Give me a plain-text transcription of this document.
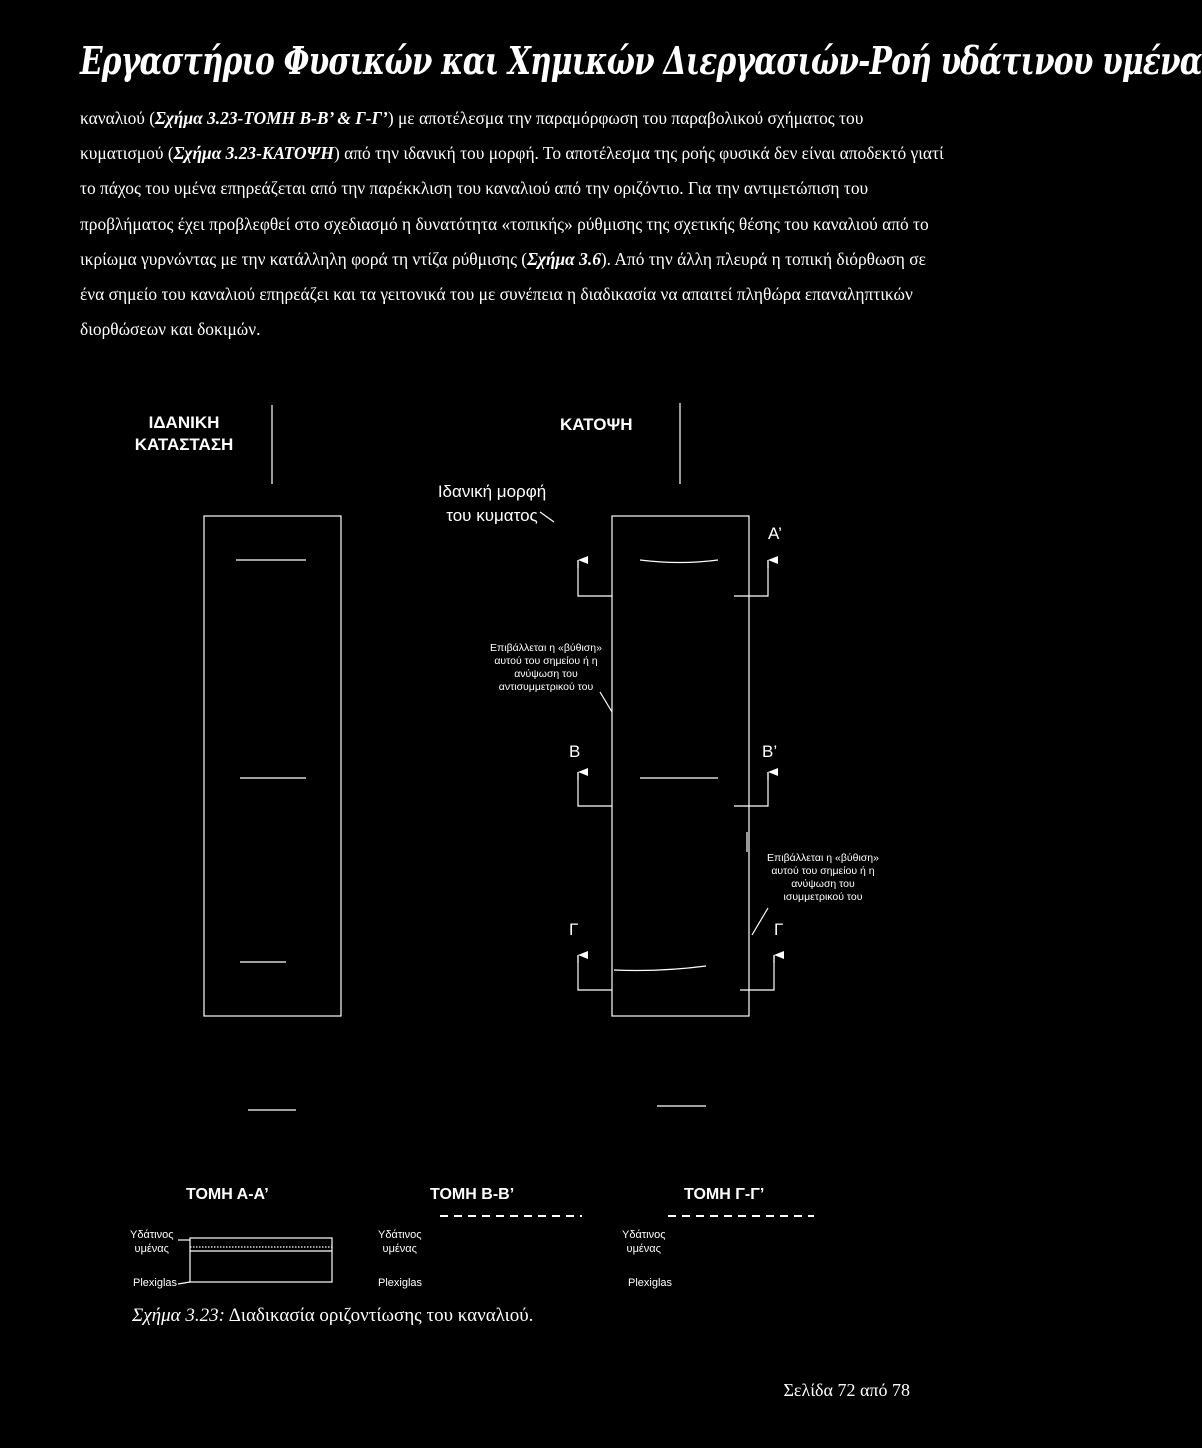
Εργαστήριο Φυσικών και Χημικών Διεργασιών-Ροή υδάτινου υμένα

καναλιού (Σχήμα 3.23-ΤΟΜΗ Β-Β’ & Γ-Γ’) με αποτέλεσμα την παραμόρφωση του παραβολικού σχήματος του κυματισμού (Σχήμα 3.23-ΚΑΤΟΨΗ) από την ιδανική του μορφή. Το αποτέλεσμα της ροής φυσικά δεν είναι αποδεκτό γιατί το πάχος του υμένα επηρεάζεται από την παρέκκλιση του καναλιού από την οριζόντιο. Για την αντιμετώπιση του προβλήματος έχει προβλεφθεί στο σχεδιασμό η δυνατότητα «τοπικής» ρύθμισης της σχετικής θέσης του καναλιού από το ικρίωμα γυρνώντας με την κατάλληλη φορά τη ντίζα ρύθμισης (Σχήμα 3.6). Από την άλλη πλευρά η τοπική διόρθωση σε ένα σημείο του καναλιού επηρεάζει και τα γειτονικά του με συνέπεια η διαδικασία να απαιτεί πληθώρα επαναληπτικών διορθώσεων και δοκιμών.

ΙΔΑΝΙΚΗ
ΚΑΤΑΣΤΑΣΗ
ΚΑΤΟΨΗ
Ιδανική μορφή
του κυματος
Α’
Β	Β’
Γ	Γ
Επιβάλλεται η «βύθιση»
αυτού του σημείου ή η
ανύψωση του
αντισυμμετρικού του
Επιβάλλεται η «βύθιση»
αυτού του σημείου ή η
ανύψωση του
ισυμμετρικού του
ΤΟΜΗ Α-Α’	ΤΟΜΗ Β-Β’	ΤΟΜΗ Γ-Γ’
Υδάτινος
υμένας
Υδάτινος
υμένας
Υδάτινος
υμένας
Plexiglas	Plexiglas	Plexiglas
Σχήμα 3.23: Διαδικασία οριζοντίωσης του καναλιού.
Σελίδα 72 από 78
